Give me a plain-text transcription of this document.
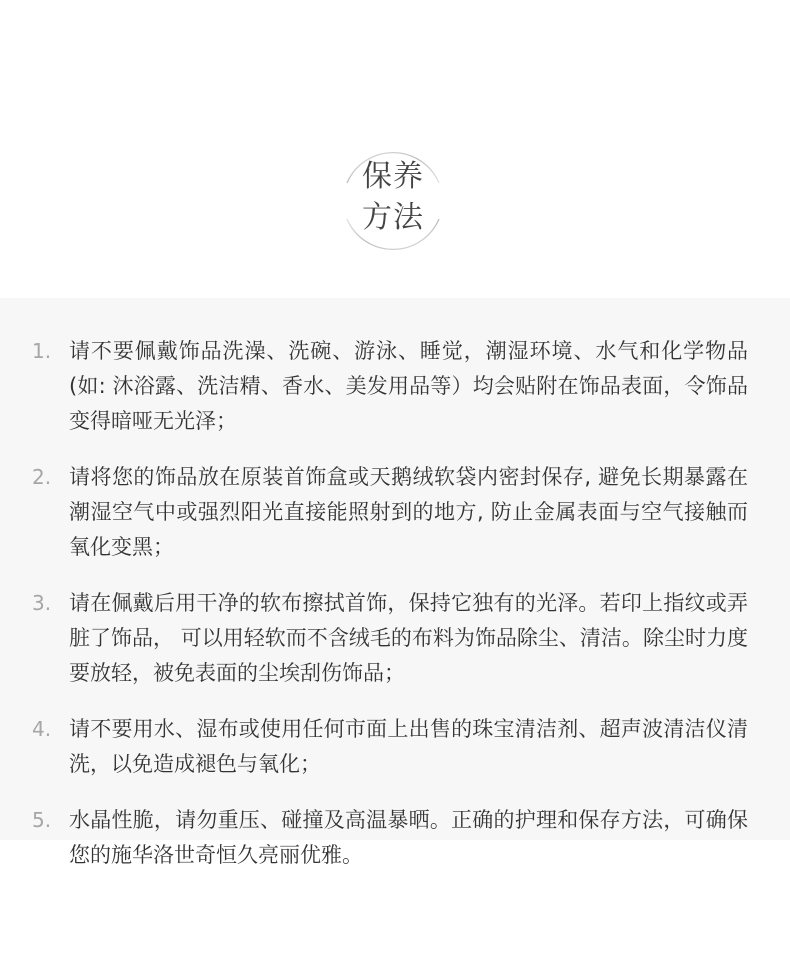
保养
方法
1. 请不要佩戴饰品洗澡、洗碗、游泳、睡觉，潮湿环境、水气和化学物品(如: 沐浴露、洗洁精、香水、美发用品等）均会贴附在饰品表面，令饰品变得暗哑无光泽；
2. 请将您的饰品放在原装首饰盒或天鹅绒软袋内密封保存, 避免长期暴露在潮湿空气中或强烈阳光直接能照射到的地方, 防止金属表面与空气接触而氧化变黑；
3. 请在佩戴后用干净的软布擦拭首饰，保持它独有的光泽。若印上指纹或弄脏了饰品， 可以用轻软而不含绒毛的布料为饰品除尘、清洁。除尘时力度要放轻，被免表面的尘埃刮伤饰品；
4. 请不要用水、湿布或使用任何市面上出售的珠宝清洁剂、超声波清洁仪清洗，以免造成褪色与氧化；
5. 水晶性脆，请勿重压、碰撞及高温暴晒。正确的护理和保存方法，可确保您的施华洛世奇恒久亮丽优雅。
